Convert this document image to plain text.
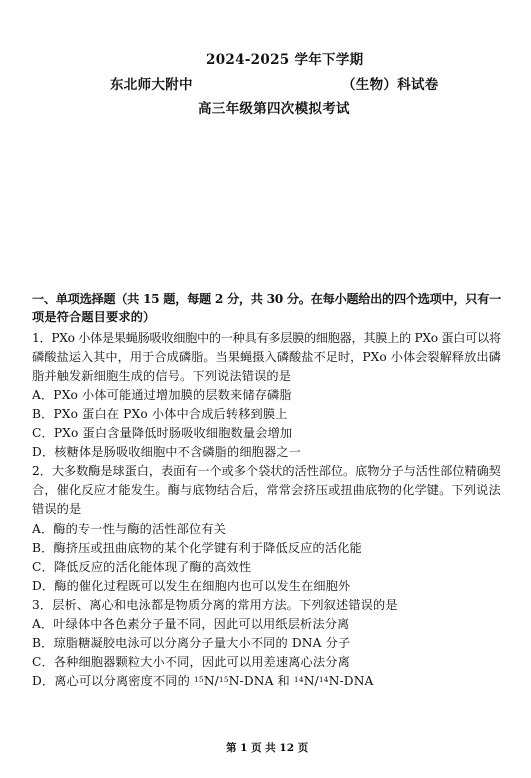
2024-2025 学年下学期
东北师大附中	（生物）科试卷
高三年级第四次模拟考试
一、单项选择题（共 15 题，每题 2 分，共 30 分。在每小题给出的四个选项中，只有一
项是符合题目要求的）
1．PXo 小体是果蝇肠吸收细胞中的一种具有多层膜的细胞器，其膜上的 PXo 蛋白可以将
磷酸盐运入其中，用于合成磷脂。当果蝇摄入磷酸盐不足时，PXo 小体会裂解释放出磷
脂并触发新细胞生成的信号。下列说法错误的是
A．PXo 小体可能通过增加膜的层数来储存磷脂
B．PXo 蛋白在 PXo 小体中合成后转移到膜上
C．PXo 蛋白含量降低时肠吸收细胞数量会增加
D．核糖体是肠吸收细胞中不含磷脂的细胞器之一
2．大多数酶是球蛋白，表面有一个或多个袋状的活性部位。底物分子与活性部位精确契
合，催化反应才能发生。酶与底物结合后，常常会挤压或扭曲底物的化学键。下列说法
错误的是
A．酶的专一性与酶的活性部位有关
B．酶挤压或扭曲底物的某个化学键有利于降低反应的活化能
C．降低反应的活化能体现了酶的高效性
D．酶的催化过程既可以发生在细胞内也可以发生在细胞外
3．层析、离心和电泳都是物质分离的常用方法。下列叙述错误的是
A．叶绿体中各色素分子量不同，因此可以用纸层析法分离
B．琼脂糖凝胶电泳可以分离分子量大小不同的 DNA 分子
C．各种细胞器颗粒大小不同，因此可以用差速离心法分离
D．离心可以分离密度不同的 $^{15}$N/$^{15}$N-DNA 和 $^{14}$N/$^{14}$N-DNA
第 1 页 共 12 页
